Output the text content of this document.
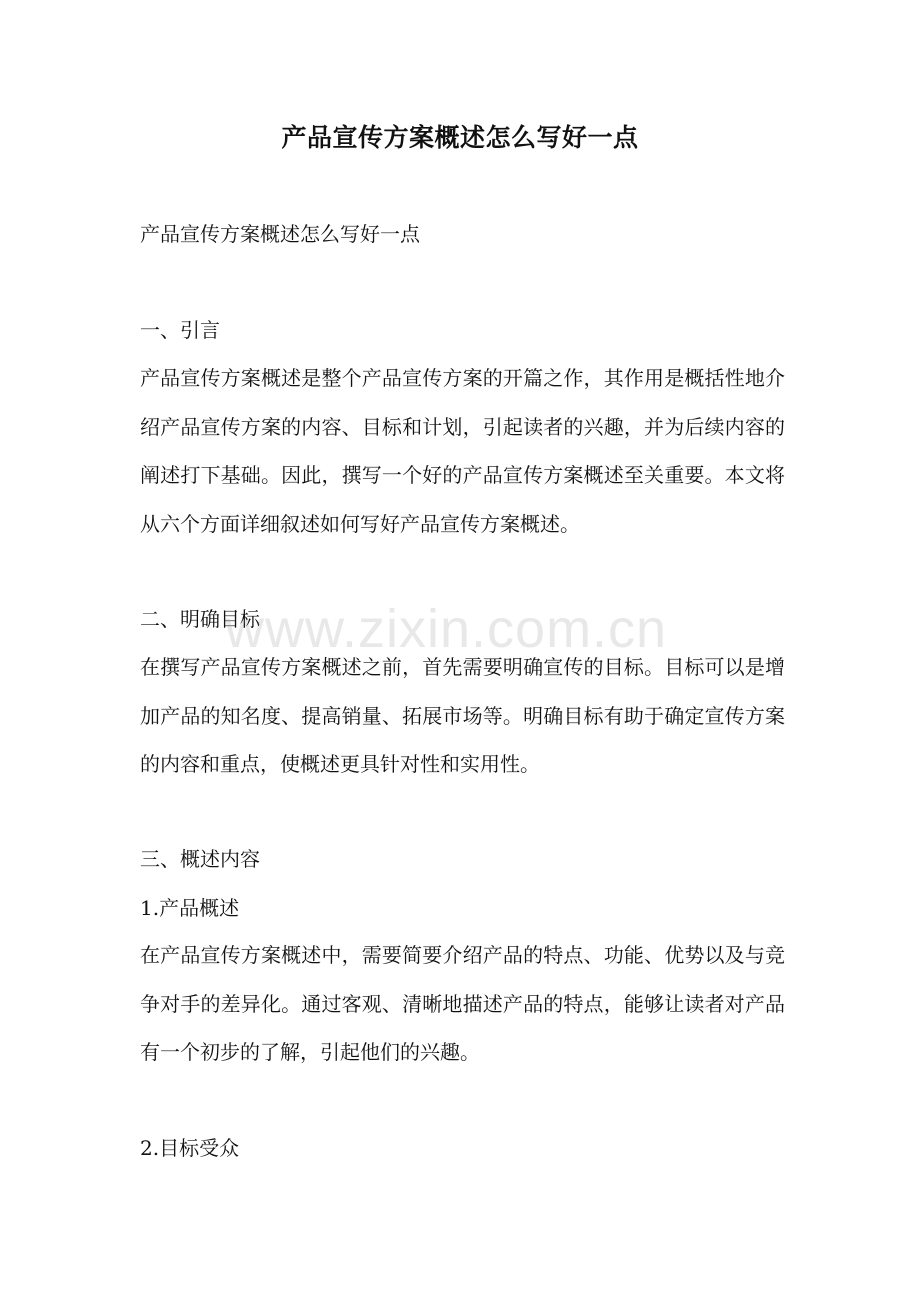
产品宣传方案概述怎么写好一点
产品宣传方案概述怎么写好一点
一、引言
产品宣传方案概述是整个产品宣传方案的开篇之作，其作用是概括性地介绍产品宣传方案的内容、目标和计划，引起读者的兴趣，并为后续内容的阐述打下基础。因此，撰写一个好的产品宣传方案概述至关重要。本文将从六个方面详细叙述如何写好产品宣传方案概述。
二、明确目标
在撰写产品宣传方案概述之前，首先需要明确宣传的目标。目标可以是增加产品的知名度、提高销量、拓展市场等。明确目标有助于确定宣传方案的内容和重点，使概述更具针对性和实用性。
三、概述内容
1.产品概述
在产品宣传方案概述中，需要简要介绍产品的特点、功能、优势以及与竞争对手的差异化。通过客观、清晰地描述产品的特点，能够让读者对产品有一个初步的了解，引起他们的兴趣。
2.目标受众
www.zixin.com.cn
